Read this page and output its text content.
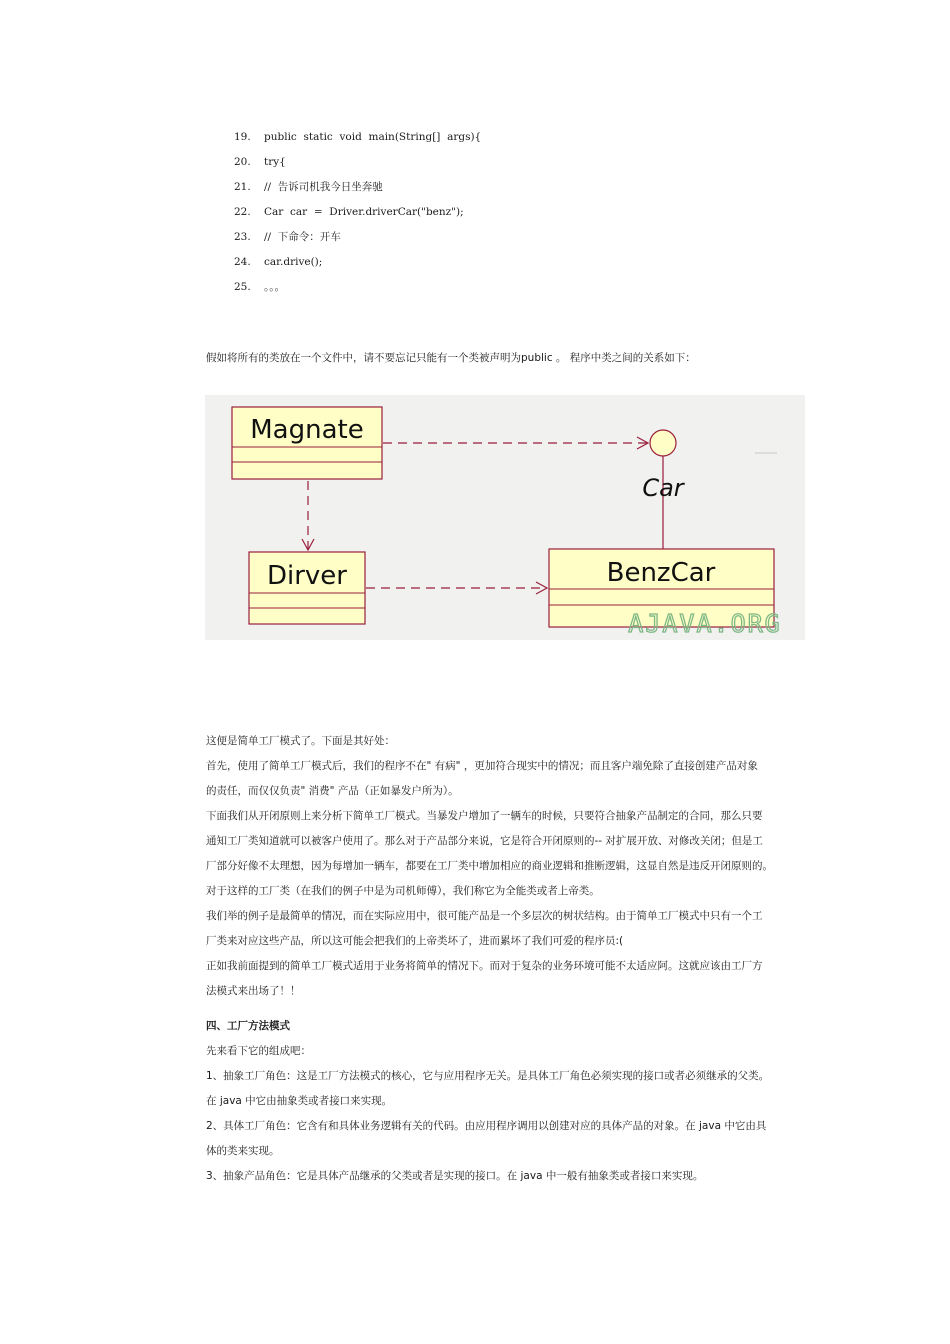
19. public  static  void  main(String[]  args){
20. try{
21. //  告诉司机我今日坐奔驰
22. Car  car  =  Driver.driverCar("benz");
23. //  下命令：开车
24. car.drive();
25. 。。。

假如将所有的类放在一个文件中，请不要忘记只能有一个类被声明为public 。 程序中类之间的关系如下：

Magnate
Dirver	BenzCar
Car
AJAVA.ORG

这便是简单工厂模式了。下面是其好处：

首先，使用了简单工厂模式后，我们的程序不在" 有病" ，更加符合现实中的情况；而且客户端免除了直接创建产品对象

的责任，而仅仅负责" 消费" 产品（正如暴发户所为）。

下面我们从开闭原则上来分析下简单工厂模式。当暴发户增加了一辆车的时候，只要符合抽象产品制定的合同，那么只要

通知工厂类知道就可以被客户使用了。那么对于产品部分来说，它是符合开闭原则的-- 对扩展开放、对修改关闭；但是工

厂部分好像不太理想，因为每增加一辆车，都要在工厂类中增加相应的商业逻辑和推断逻辑，这显自然是违反开闭原则的。

对于这样的工厂类（在我们的例子中是为司机师傅），我们称它为全能类或者上帝类。

我们举的例子是最简单的情况，而在实际应用中，很可能产品是一个多层次的树状结构。由于简单工厂模式中只有一个工

厂类来对应这些产品，所以这可能会把我们的上帝类坏了，进而累坏了我们可爱的程序员:(

正如我前面提到的简单工厂模式适用于业务将简单的情况下。而对于复杂的业务环境可能不太适应阿。这就应该由工厂方

法模式来出场了！！

四、工厂方法模式

先来看下它的组成吧：

1、抽象工厂角色：这是工厂方法模式的核心，它与应用程序无关。是具体工厂角色必须实现的接口或者必须继承的父类。

在 java 中它由抽象类或者接口来实现。

2、具体工厂角色：它含有和具体业务逻辑有关的代码。由应用程序调用以创建对应的具体产品的对象。在 java 中它由具

体的类来实现。

3、抽象产品角色：它是具体产品继承的父类或者是实现的接口。在 java 中一般有抽象类或者接口来实现。
